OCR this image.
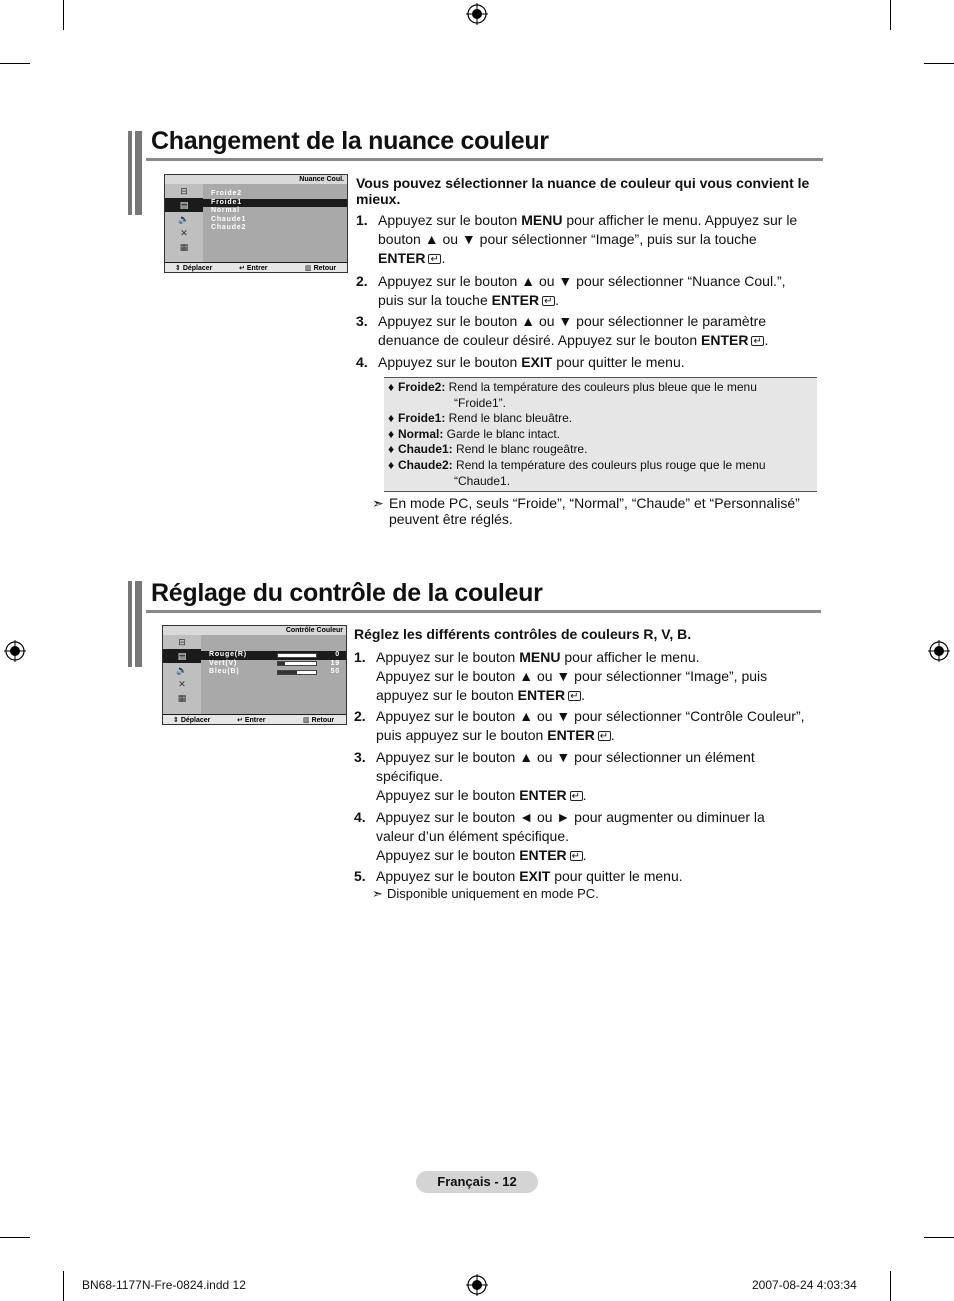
Changement de la nuance couleur
Nuance Coul.
⊟
▤
🔈
✕
▦
Froide2
Froide1
Normal
Chaude1
Chaude2
⇕ Déplacer	↵ Entrer	▥ Retour
Vous pouvez sélectionner la nuance de couleur qui vous convient le mieux.
1. Appuyez sur le bouton MENU pour afficher le menu. Appuyez sur le bouton ▲ ou ▼ pour sélectionner “Image”, puis sur la touche ENTER ↵ .
2. Appuyez sur le bouton ▲ ou ▼ pour sélectionner “Nuance Coul.”, puis sur la touche ENTER ↵ .
3. Appuyez sur le bouton ▲ ou ▼ pour sélectionner le paramètre denuance de couleur désiré. Appuyez sur le bouton ENTER ↵ .
4. Appuyez sur le bouton EXIT pour quitter le menu.
♦ Froide2: Rend la température des couleurs plus bleue que le menu
“Froide1”.
♦ Froide1: Rend le blanc bleuâtre.
♦ Normal: Garde le blanc intact.
♦ Chaude1: Rend le blanc rougeâtre.
♦ Chaude2: Rend la température des couleurs plus rouge que le menu
“Chaude1.
➣ En mode PC, seuls “Froide”, “Normal”, “Chaude” et “Personnalisé” peuvent être réglés.
Réglage du contrôle de la couleur
Contrôle Couleur
⊟
▤
🔈
✕
▦
Rouge(R)	0
Vert(V)	19
Bleu(B)	50
⇕ Déplacer	↵ Entrer	▥ Retour
Réglez les différents contrôles de couleurs R, V, B.
1. Appuyez sur le bouton MENU pour afficher le menu.
Appuyez sur le bouton ▲ ou ▼ pour sélectionner “Image”, puis
appuyez sur le bouton ENTER ↵ .
2. Appuyez sur le bouton ▲ ou ▼ pour sélectionner “Contrôle Couleur”,
puis appuyez sur le bouton ENTER ↵ .
3. Appuyez sur le bouton ▲ ou ▼ pour sélectionner un élément
spécifique.
Appuyez sur le bouton ENTER ↵ .
4. Appuyez sur le bouton ◄ ou ► pour augmenter ou diminuer la
valeur d’un élément spécifique.
Appuyez sur le bouton ENTER ↵ .
5. Appuyez sur le bouton EXIT pour quitter le menu.
➣ Disponible uniquement en mode PC.
Français - 12
BN68-1177N-Fre-0824.indd 12	2007-08-24 4:03:34
